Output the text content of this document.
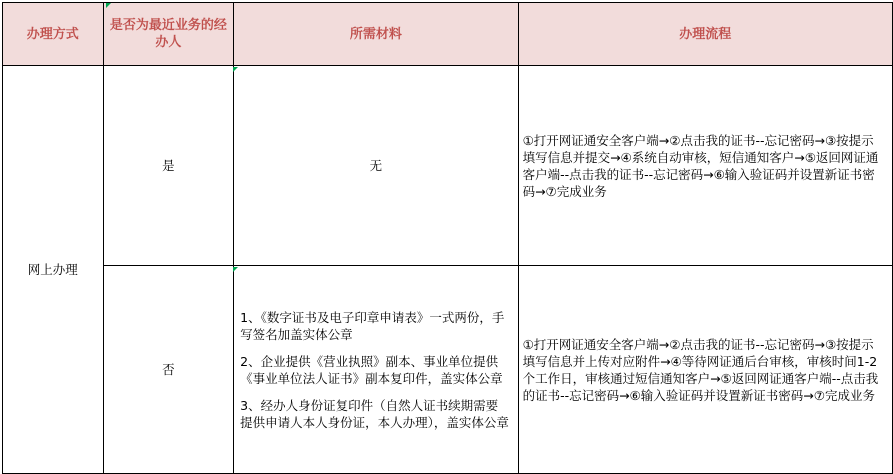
办理方式	是否为最近业务的经办人	所需材料	办理流程
网上办理	是	无	①打开网证通安全客户端→②点击我的证书--忘记密码→③按提示填写信息并提交→④系统自动审核，短信通知客户→⑤返回网证通客户端--点击我的证书--忘记密码→⑥输入验证码并设置新证书密码→⑦完成业务
	否	1、《数字证书及电子印章申请表》一式两份，手写签名加盖实体公章

2、企业提供《营业执照》副本、事业单位提供《事业单位法人证书》副本复印件，盖实体公章

3、经办人身份证复印件（自然人证书续期需要提供申请人本人身份证，本人办理），盖实体公章	①打开网证通安全客户端→②点击我的证书--忘记密码→③按提示填写信息并上传对应附件→④等待网证通后台审核，审核时间1-2个工作日，审核通过短信通知客户→⑤返回网证通客户端--点击我的证书--忘记密码→⑥输入验证码并设置新证书密码→⑦完成业务
